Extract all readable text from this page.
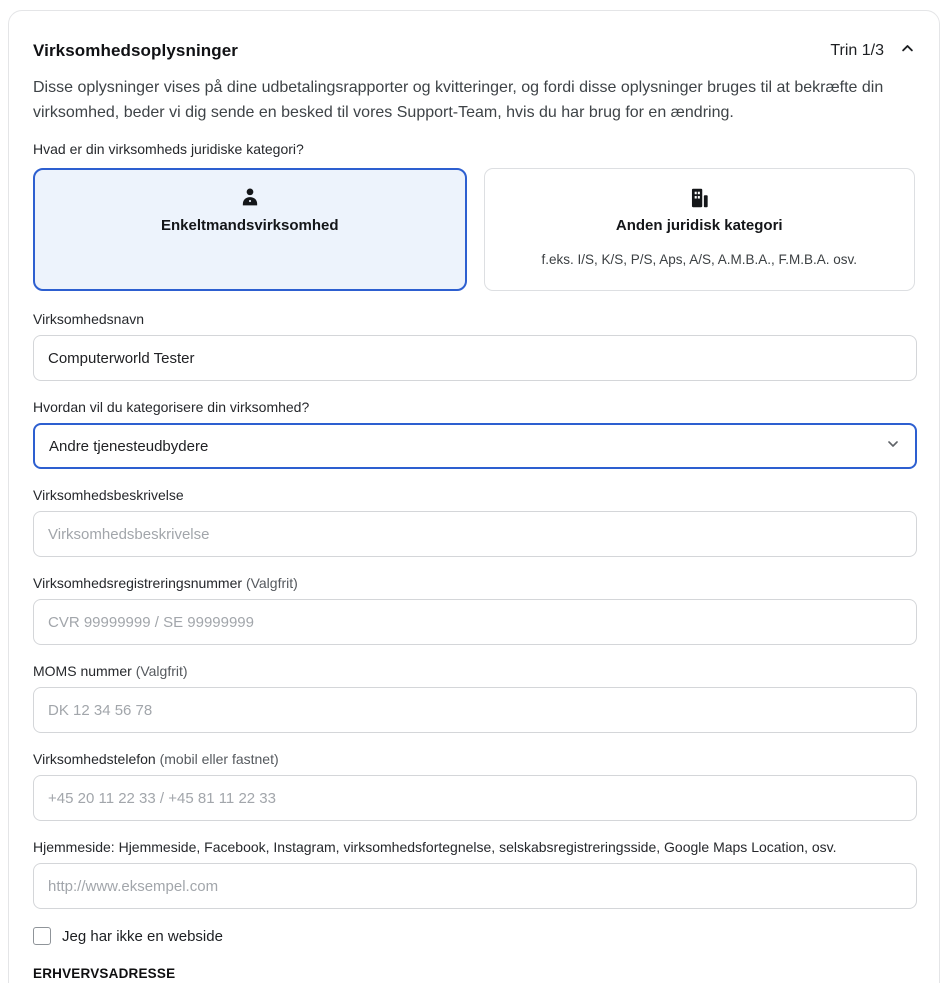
Virksomhedsoplysninger	Trin 1/3

Disse oplysninger vises på dine udbetalingsrapporter og kvitteringer, og fordi disse oplysninger bruges til at bekræfte din virksomhed, beder vi dig sende en besked til vores Support-Team, hvis du har brug for en ændring.

Hvad er din virksomheds juridiske kategori?
Enkeltmandsvirksomhed	Anden juridisk kategori
f.eks. I/S, K/S, P/S, Aps, A/S, A.M.B.A., F.M.B.A. osv.
Virksomhedsnavn
Computerworld Tester
Hvordan vil du kategorisere din virksomhed?
Andre tjenesteudbydere
Virksomhedsbeskrivelse
Virksomhedsbeskrivelse
Virksomhedsregistreringsnummer (Valgfrit)
CVR 99999999 / SE 99999999
MOMS nummer (Valgfrit)
DK 12 34 56 78
Virksomhedstelefon (mobil eller fastnet)
+45 20 11 22 33 / +45 81 11 22 33
Hjemmeside: Hjemmeside, Facebook, Instagram, virksomhedsfortegnelse, selskabsregistreringsside, Google Maps Location, osv.
http://www.eksempel.com
Jeg har ikke en webside
ERHVERVSADRESSE
